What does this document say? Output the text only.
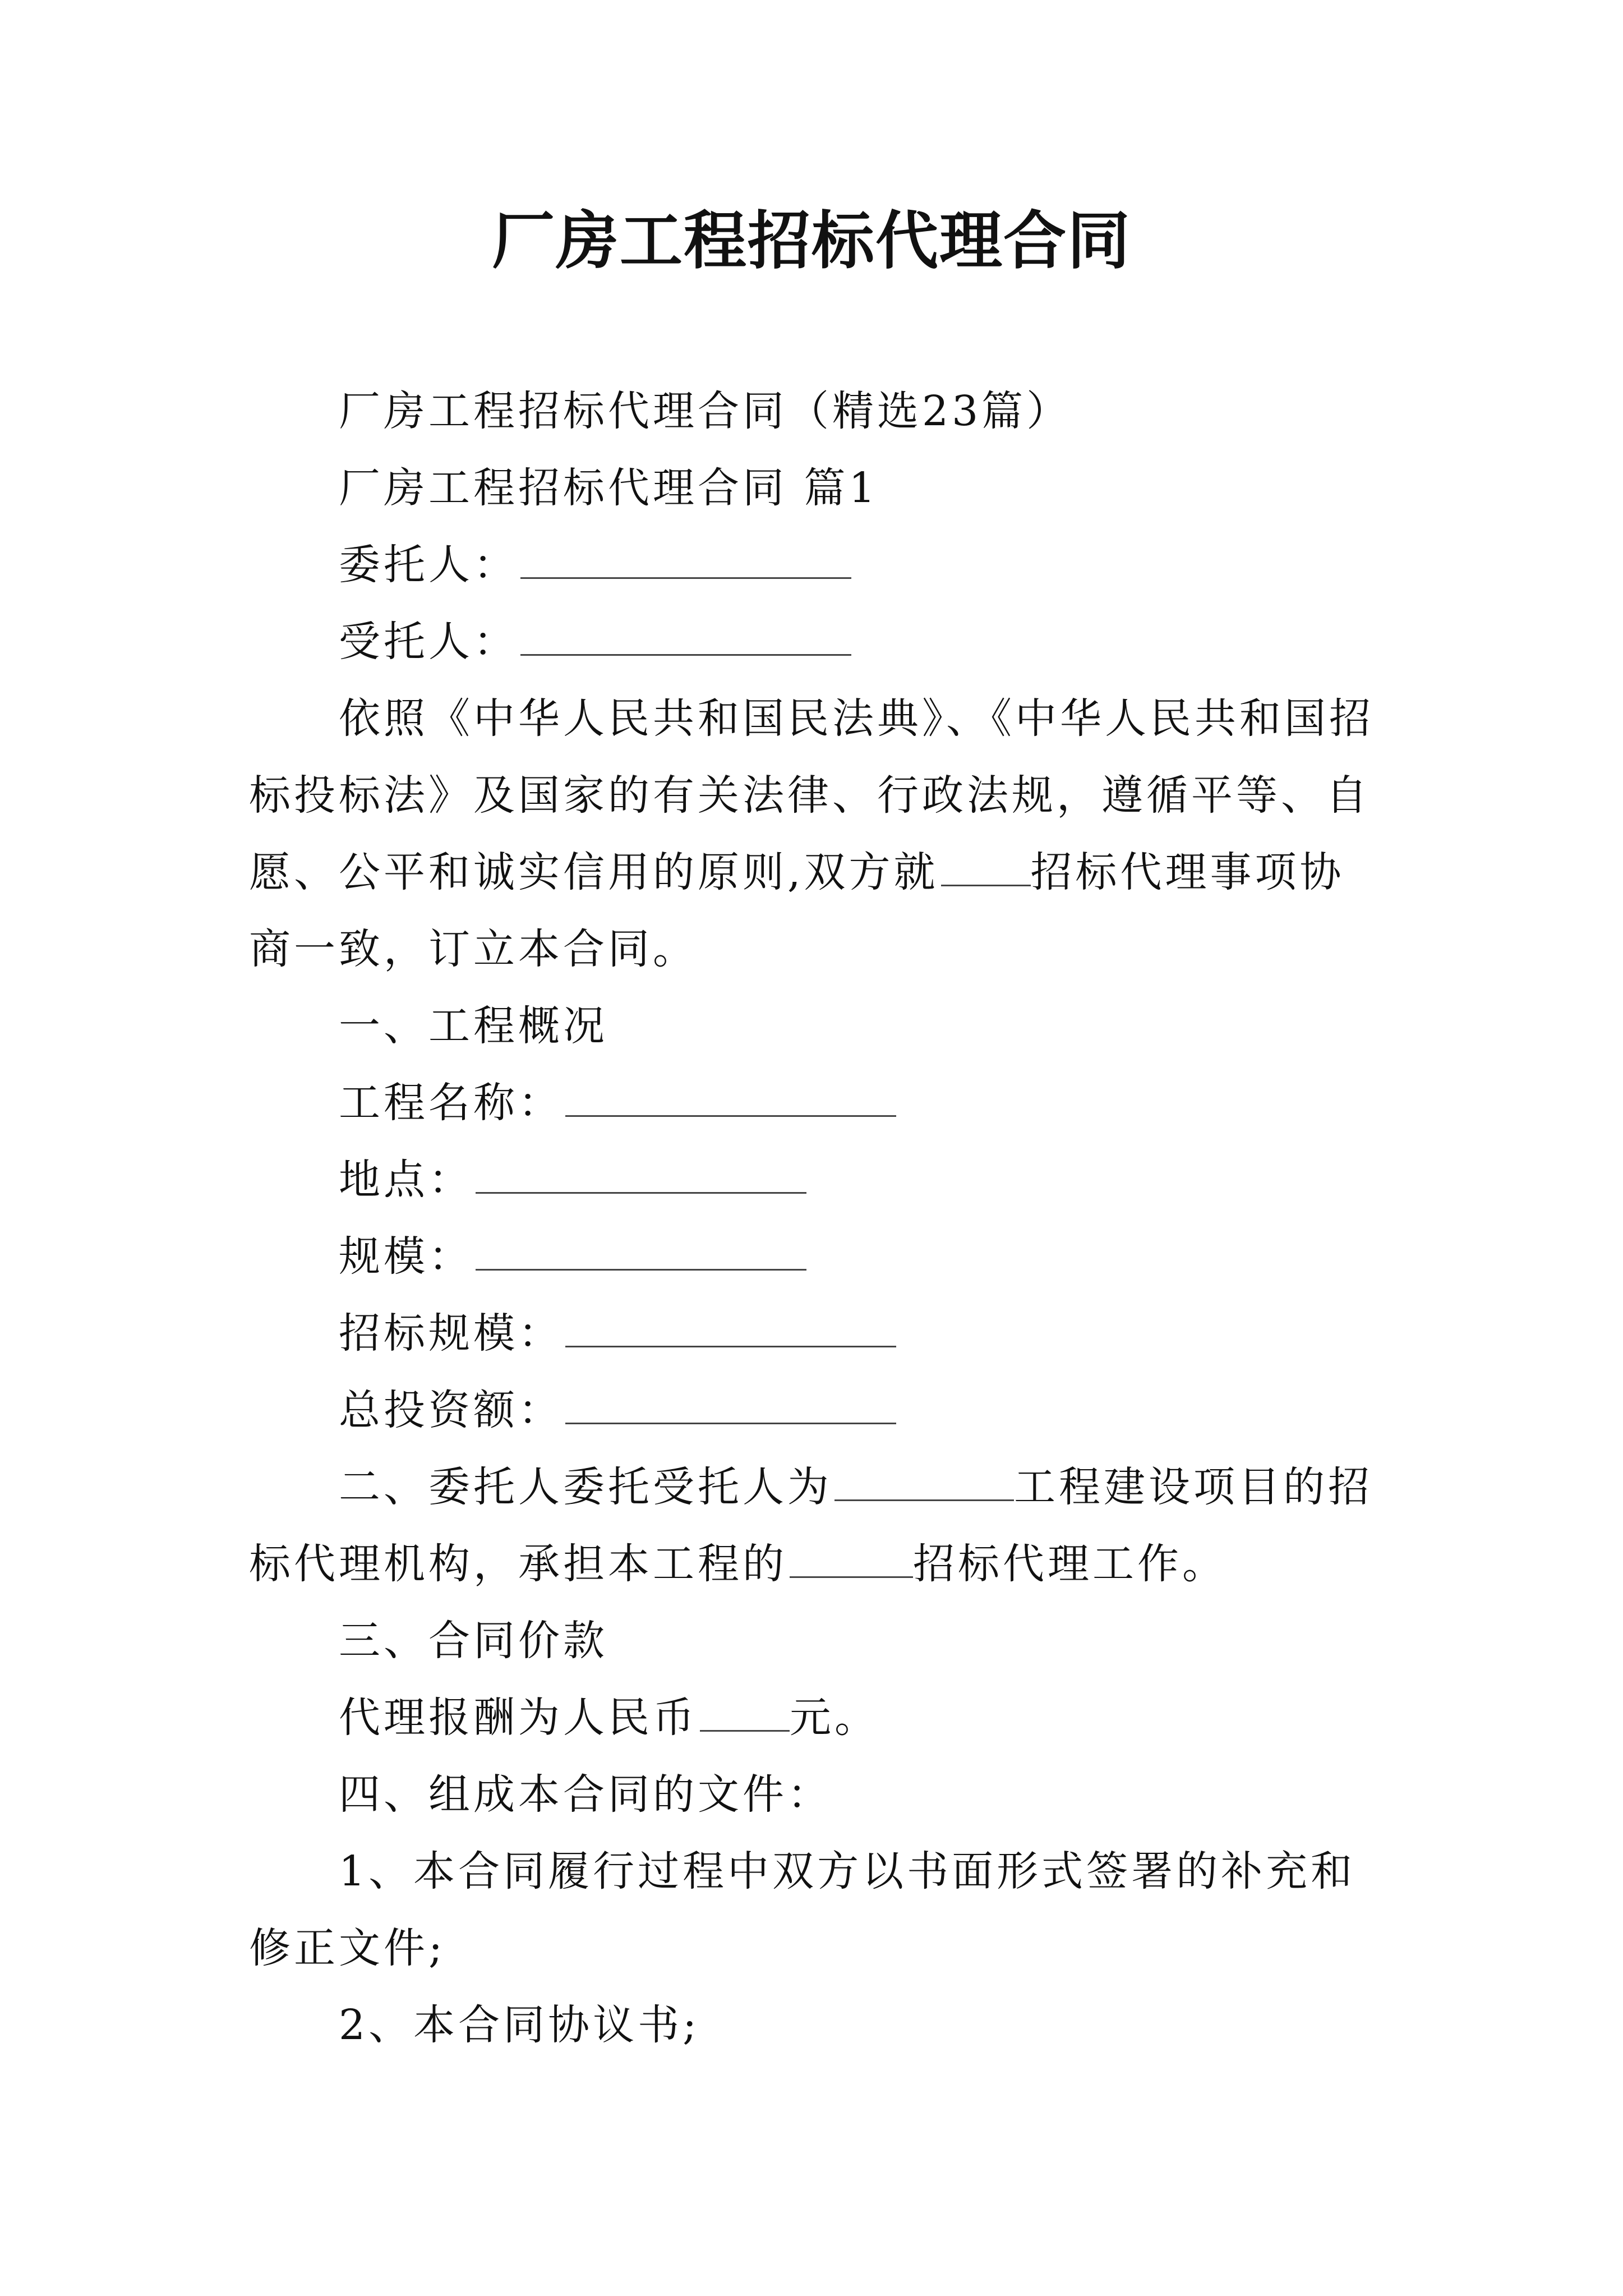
厂房工程招标代理合同

厂房工程招标代理合同（精选23篇）

厂房工程招标代理合同 篇1

委托人：

受托人：

依照《中华人民共和国民法典》、《中华人民共和国招标投标法》及国家的有关法律、行政法规，遵循平等、自愿、公平和诚实信用的原则,双方就 招标代理事项协商一致，订立本合同。

一、工程概况

工程名称：

地点：

规模：

招标规模：

总投资额：

二、委托人委托受托人为	工程建设项目的招标代理机构，承担本工程的	招标代理工作。

三、合同价款

代理报酬为人民币 元。

四、组成本合同的文件：

1、本合同履行过程中双方以书面形式签署的补充和修正文件;

2、本合同协议书;
